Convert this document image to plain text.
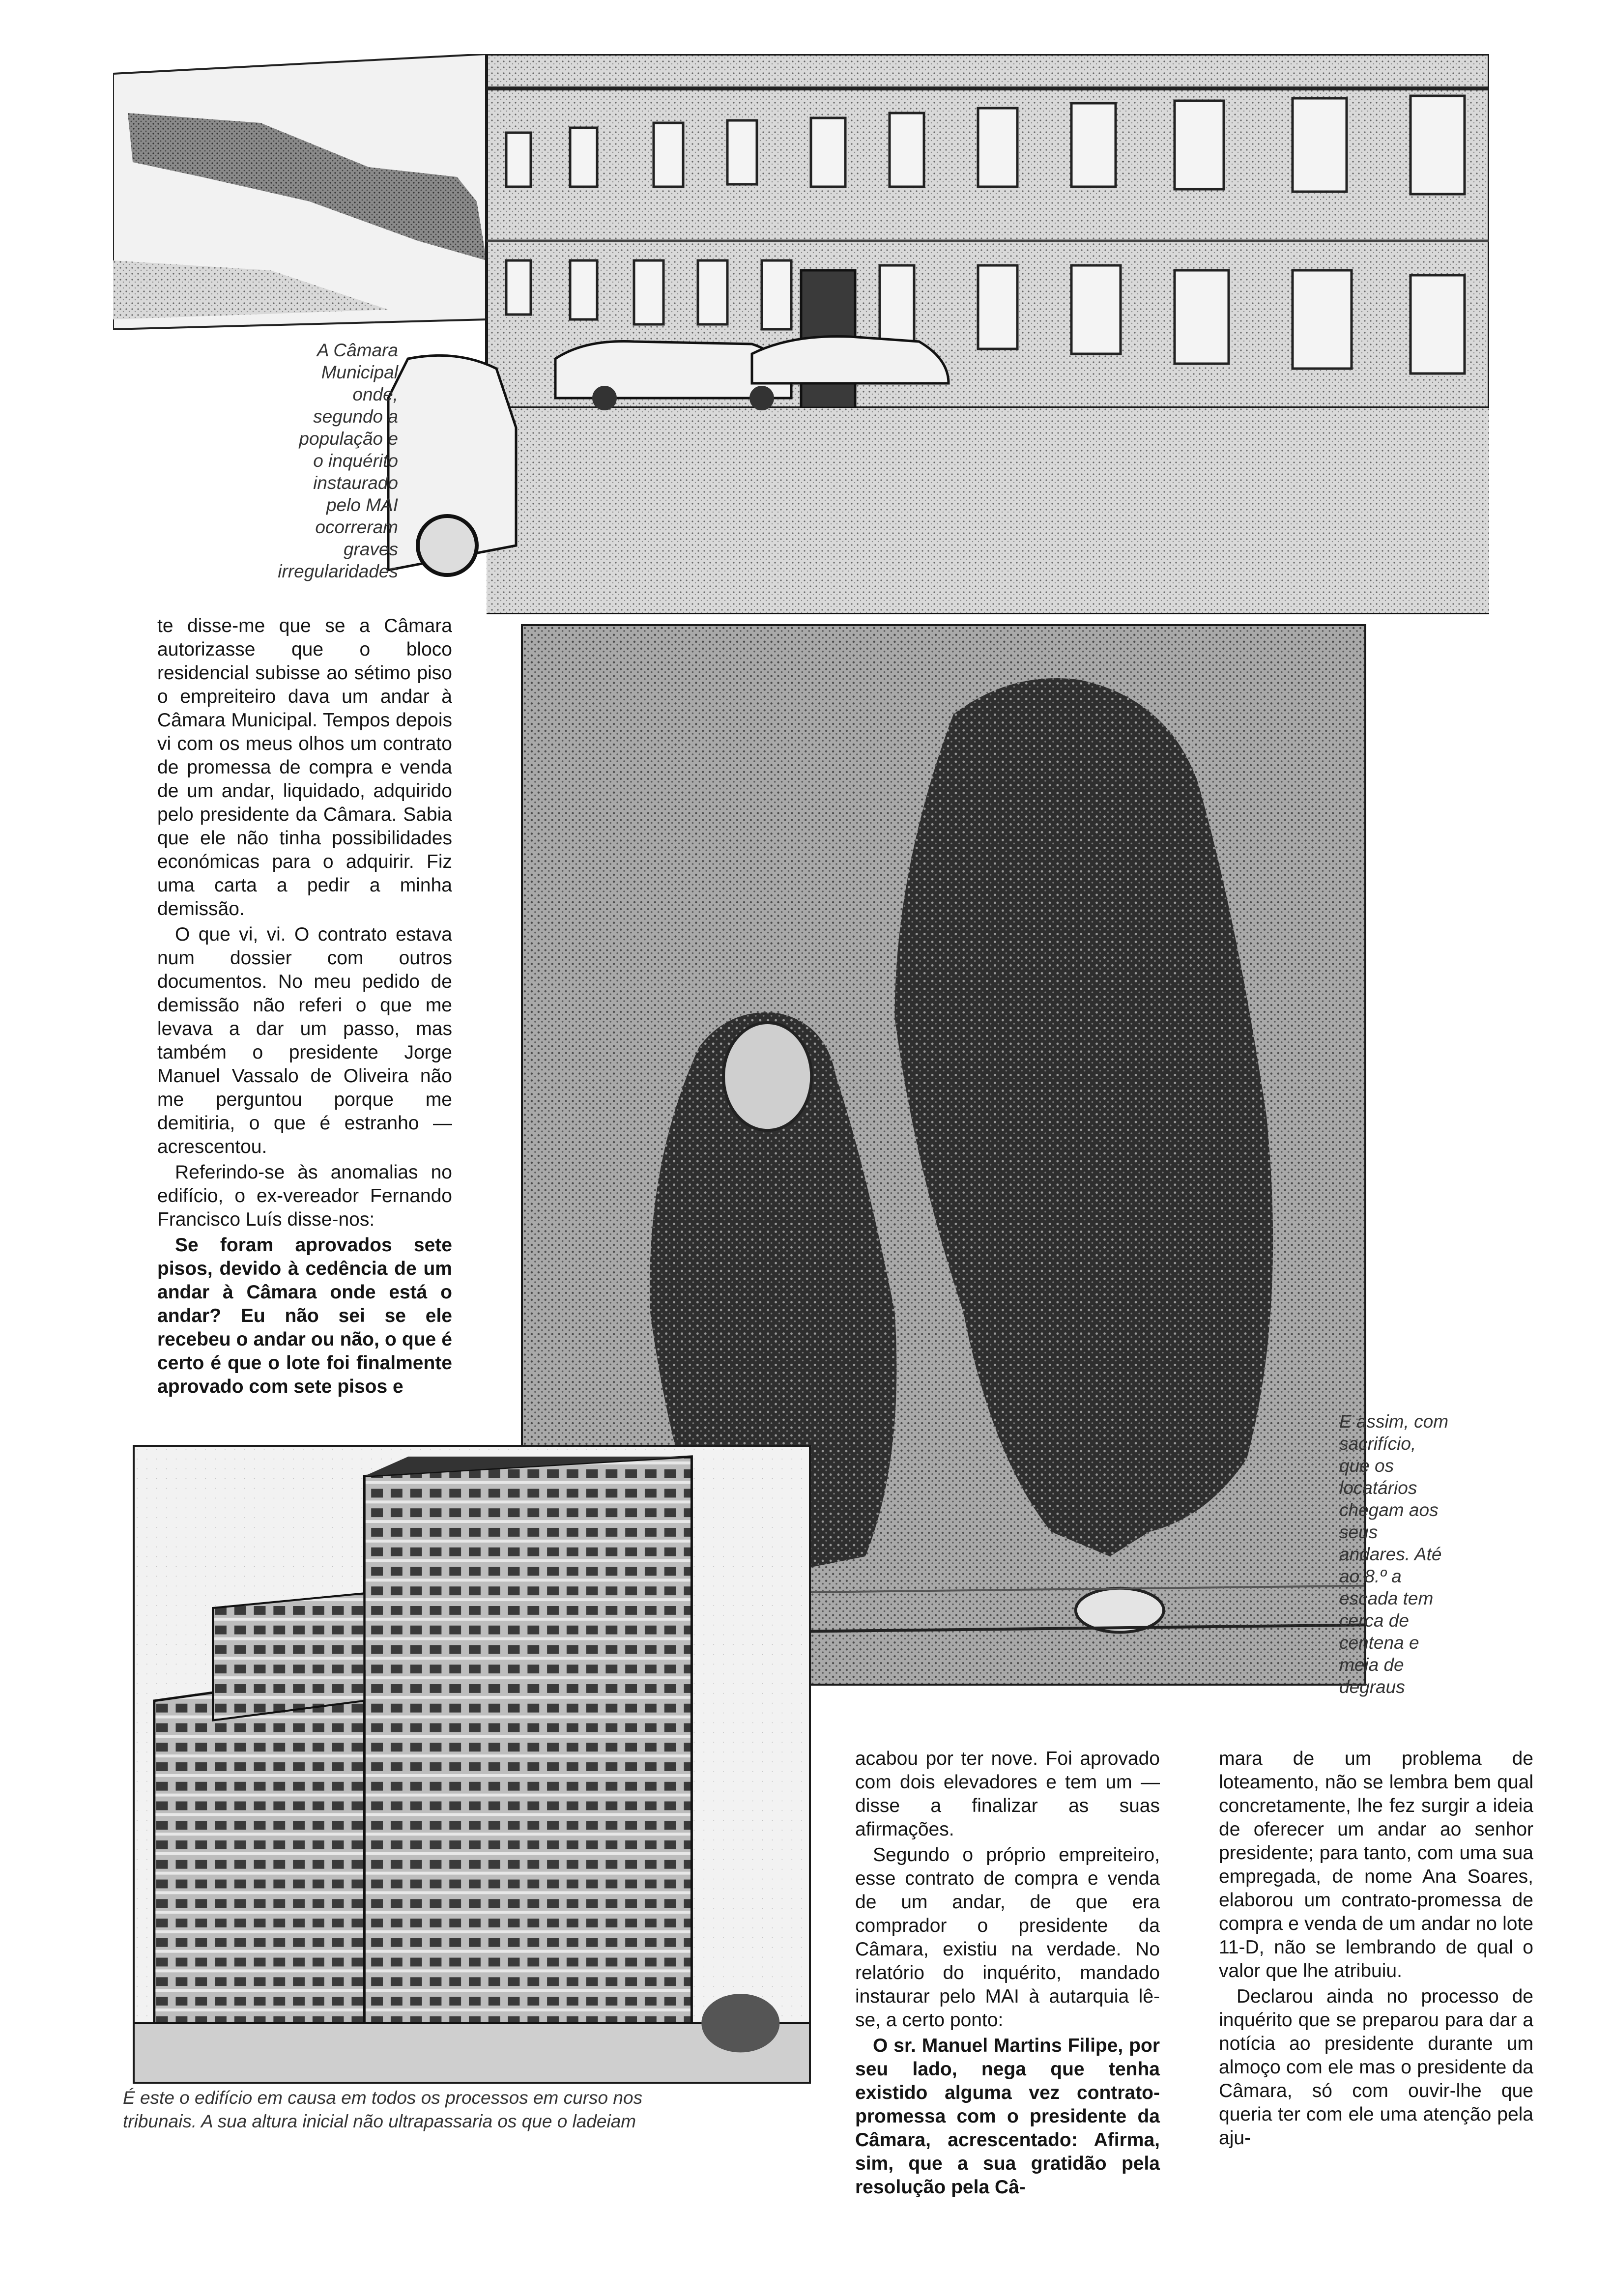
A Câmara

Municipal

onde,

segundo a

população e

o inquérito

instaurado

pelo MAI

ocorreram

graves

irregularidades

E assim, com

sacrifício,

que os

locatários

chegam aos

seus

andares. Até

ao 8.º a

escada tem

cerca de

centena e

meia de

degraus

te disse-me que se a Câmara autorizasse que o bloco residencial subisse ao sétimo piso o empreiteiro dava um andar à Câmara Municipal. Tempos depois vi com os meus olhos um contrato de promessa de compra e venda de um andar, liquidado, adquirido pelo presidente da Câmara. Sabia que ele não tinha possibilidades económicas para o adquirir. Fiz uma carta a pedir a minha demissão.

O que vi, vi. O contrato estava num dossier com outros documentos. No meu pedido de demissão não referi o que me levava a dar um passo, mas também o presidente Jorge Manuel Vassalo de Oliveira não me perguntou porque me demitiria, o que é estranho — acrescentou.

Referindo-se às anomalias no edifício, o ex-vereador Fernando Francisco Luís disse-nos:

Se foram aprovados sete pisos, devido à cedência de um andar à Câmara onde está o andar? Eu não sei se ele recebeu o andar ou não, o que é certo é que o lote foi finalmente aprovado com sete pisos e

É este o edifício em causa em todos os processos em curso nos

tribunais. A sua altura inicial não ultrapassaria os que o ladeiam

acabou por ter nove. Foi aprovado com dois elevadores e tem um — disse a finalizar as suas afirmações.

Segundo o próprio empreiteiro, esse contrato de compra e venda de um andar, de que era comprador o presidente da Câmara, existiu na verdade. No relatório do inquérito, mandado instaurar pelo MAI à autarquia lê-se, a certo ponto:

O sr. Manuel Martins Filipe, por seu lado, nega que tenha existido alguma vez contrato-promessa com o presidente da Câmara, acrescentado: Afirma, sim, que a sua gratidão pela resolução pela Câ-

mara de um problema de loteamento, não se lembra bem qual concretamente, lhe fez surgir a ideia de oferecer um andar ao senhor presidente; para tanto, com uma sua empregada, de nome Ana Soares, elaborou um contrato-promessa de compra e venda de um andar no lote 11-D, não se lembrando de qual o valor que lhe atribuiu.

Declarou ainda no processo de inquérito que se preparou para dar a notícia ao presidente durante um almoço com ele mas o presidente da Câmara, só com ouvir-lhe que queria ter com ele uma atenção pela aju-
